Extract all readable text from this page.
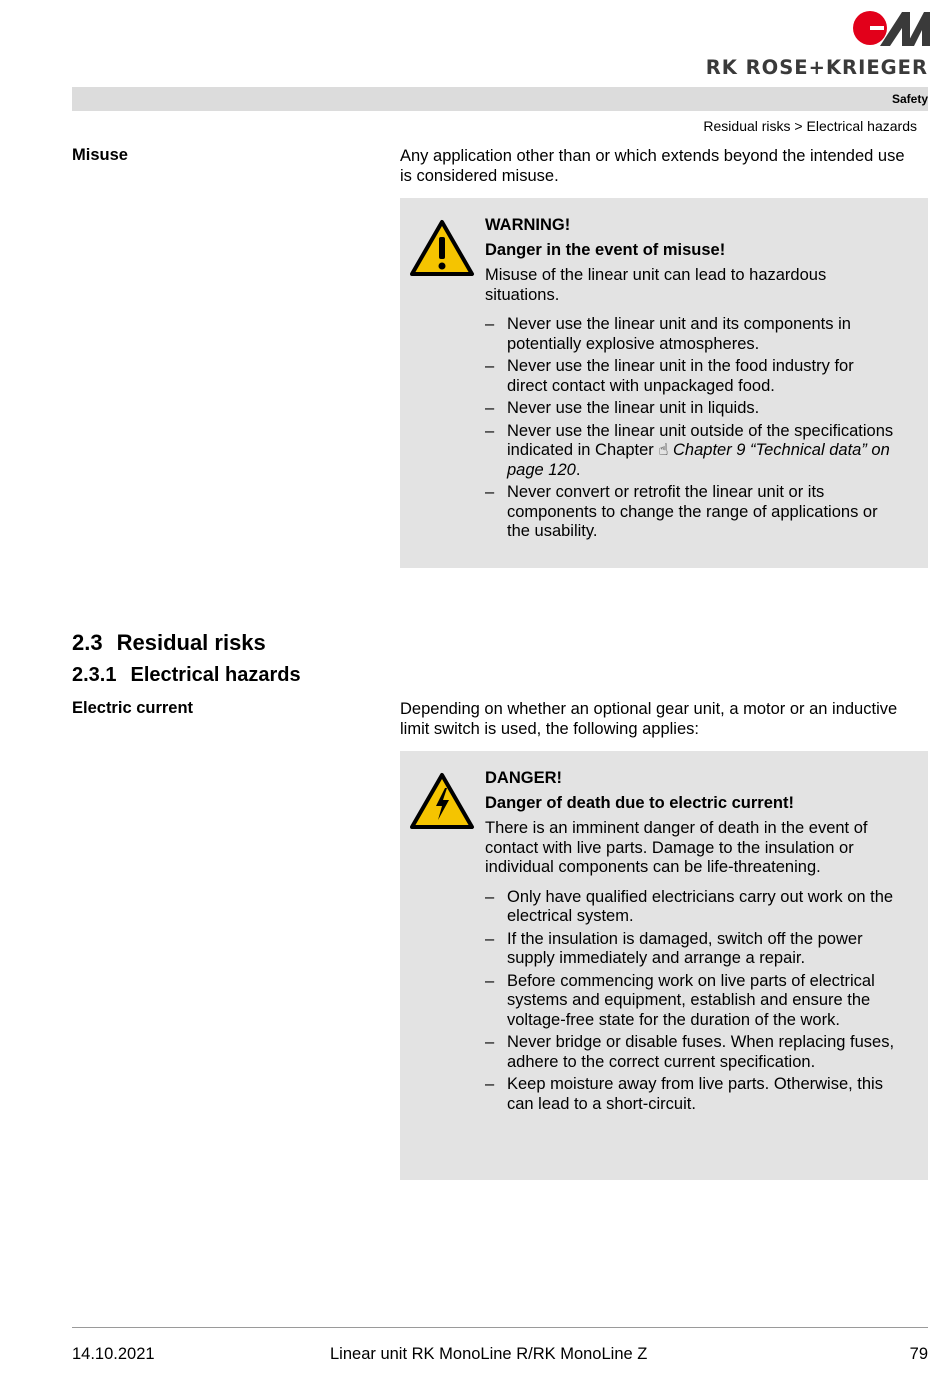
RK ROSE+KRIEGER
Safety
Residual risks > Electrical hazards
Misuse	Any application other than or which extends beyond the intended use is considered misuse.
WARNING!
Danger in the event of misuse!
Misuse of the linear unit can lead to hazardous situations.
– Never use the linear unit and its components in potentially explosive atmospheres.
– Never use the linear unit in the food industry for direct contact with unpackaged food.
– Never use the linear unit in liquids.
– Never use the linear unit outside of the specifications indicated in Chapter ☝ Chapter 9 “Technical data” on page 120.
– Never convert or retrofit the linear unit or its components to change the range of applications or the usability.
2.3 Residual risks
2.3.1 Electrical hazards
Electric current	Depending on whether an optional gear unit, a motor or an inductive limit switch is used, the following applies:
DANGER!
Danger of death due to electric current!
There is an imminent danger of death in the event of contact with live parts. Damage to the insulation or individual components can be life-threatening.
– Only have qualified electricians carry out work on the electrical system.
– If the insulation is damaged, switch off the power supply immediately and arrange a repair.
– Before commencing work on live parts of electrical systems and equipment, establish and ensure the voltage-free state for the duration of the work.
– Never bridge or disable fuses. When replacing fuses, adhere to the correct current specification.
– Keep moisture away from live parts. Otherwise, this can lead to a short-circuit.
14.10.2021	Linear unit RK MonoLine R/RK MonoLine Z	79
